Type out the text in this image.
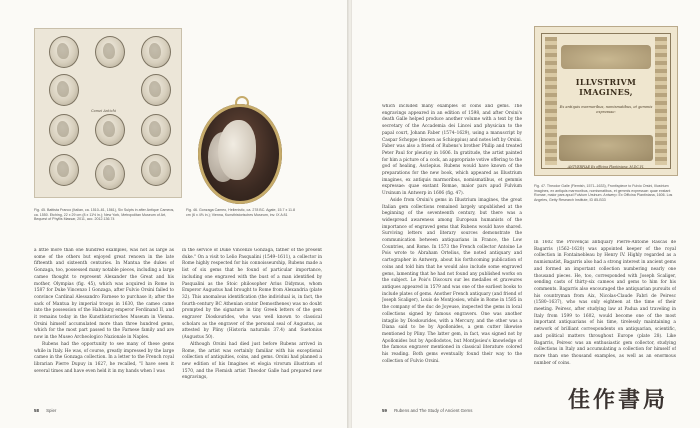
Camei Antichi
Fig. 45. Battista Franco (Italian, ca. 1510–61, 1561), Six Sulpts in after Antique Cameos, ca. 1550. Etching, 22 x 29 cm (8 x 11½ in.); New York, Metropolitan Museum of Art, Bequest of Phyllis Massar, 2011, acc. 2012.136.74
Fig. 46. Gonzaga Cameo, Hellenistic, ca. 278 BC. Agate, 15.7 x 11.8 cm (6 x 4⅝ in.); Vienna, Kunsthistorisches Museum, inv. IX A 81

a little more than one hundred examples, was not as large as some of the others but enjoyed great renown in the late fifteenth and sixteenth centuries. In Mantua the dukes of Gonzaga, too, possessed many notable pieces, including a large cameo thought to represent Alexander the Great and his mother, Olympias (fig. 45), which was acquired in Rome in 1587 for Duke Vincenzo I Gonzaga, after Fulvio Orsini failed to convince Cardinal Alessandro Farnese to purchase it; after the sack of Mantua by imperial troops in 1630, the cameo came into the possession of the Habsburg emperor Ferdinand II, and it remains today in the Kunsthistorisches Museum in Vienna. Orsini himself accumulated more than three hundred gems, which for the most part passed to the Farnese family and are now in the Museo Archeologico Nazionale in Naples.

Rubens had the opportunity to see many of these gems while in Italy. He was, of course, greatly impressed by the large cameo in the Gonzaga collection. In a letter to the French royal librarian Pierre Dupuy in 1627, he recalled, "I have seen it several times and have even held it in my hands when I was

in the service of Duke Vincenzo Gonzaga, father of the present duke." On a visit to Lelio Pasqualini (1549–1611), a collector in Rome highly respected for his connoisseurship, Rubens made a list of six gems that he found of particular importance, including one engraved with the bust of a man identified by Pasqualini as the Stoic philosopher Arius Didymus, whom Emperor Augustus had brought to Rome from Alexandria (plate 32). This anomalous identification (the individual is, in fact, the fourth-century BC Athenian orator Demosthenes) was no doubt prompted by the signature in tiny Greek letters of the gem engraver Dioskourides, who was well known to classical scholars as the engraver of the personal seal of Augustus, as attested by Pliny (Historia naturalis 37.4) and Suetonius (Augustus 50).

Although Orsini had died just before Rubens arrived in Rome, the artist was certainly familiar with his exceptional collection of antiquities, coins, and gems. Orsini had planned a new edition of his Imagines et elogia virorum illustrium of 1570, and the Flemish artist Theodor Galle had prepared new engravings,

58 Spier
ILLVSTRIVM IMAGINES,
Ex antiquis marmoribus, nomismatibus, et gemmis expressae:
ANTVERPIAE Ex officina Plantiniana. M.DC.VI.
Fig. 47. Theodor Galle (Flemish, 1571–1633), Frontispiece to Fulvio Orsini, Illustrium imagines, ex antiquis marmoribus, nomismatibus, et gemmis expressae: quae exstant Romae, maior pars apud Fulvium Ursinum. Antwerp: Ex Officina Plantiniana, 1606. Los Angeles, Getty Research Institute, ID 85-B33

which included many examples of coins and gems. The engravings appeared in an edition of 1598, and after Orsini's death Galle helped produce another volume with a text by the secretary of the Accademia dei Lincei and physician to the papal court, Johann Faber (1574–1629), using a manuscript by Caspar Schoppe (known as Schioppius) and notes left by Orsini. Faber was also a friend of Rubens's brother Philip and treated Peter Paul for pleurisy in 1606. In gratitude, the artist painted for him a picture of a cock, an appropriate votive offering to the god of healing, Asclepius. Rubens would have known of the preparations for the new book, which appeared as Illustrium imagines, ex antiquis marmoribus, nomismatibus, et gemmis expressae: quae exstant Romae, maior pars apud Fulvium Ursinum in Antwerp in 1606 (fig. 47).

Aside from Orsini's gems in Illustrium imagines, the great Italian gem collections remained largely unpublished at the beginning of the seventeenth century, but there was a widespread awareness among European humanists of the importance of engraved gems that Rubens would have shared. Surviving letters and literary sources demonstrate the communication between antiquarians in France, the Low Countries, and Rome. In 1573 the French collector Antoine Le Pois wrote to Abraham Ortelius, the noted antiquary and cartographer in Antwerp, about his forthcoming publication of coins and told him that he would also include some engraved gems, lamenting that he had not found any published works on the subject. Le Pois's Discours sur les medalles et graveures antiques appeared in 1579 and was one of the earliest books to include plates of gems. Another French antiquary (and friend of Joseph Scaliger), Louis de Montjosieu, while in Rome in 1585 in the company of the duc de Joyeuse, inspected the gems in local collections signed by famous engravers. One was another intaglio by Dioskourides, with a Mercury, and the other was a Diana said to be by Apollonides, a gem cutter likewise mentioned by Pliny. The latter gem, in fact, was signed not by Apollonides but by Apollodotos, but Montjosieu's knowledge of the famous engraver mentioned in classical literature colored his reading. Both gems eventually found their way to the collection of Fulvio Orsini.

In 1602 the Provençal antiquary Pierre-Antoine Rascas de Bagarris (1562–1620) was appointed keeper of the royal collection in Fontainebleau by Henry IV. Highly regarded as a numismatist, Bagarris also had a strong interest in ancient gems and formed an important collection numbering nearly one thousand pieces. He, too, corresponded with Joseph Scaliger, sending casts of thirty-six cameos and gems to him for his comments. Bagarris also encouraged the antiquarian pursuits of his countryman from Aix, Nicolas-Claude Fabri de Peiresc (1580–1637), who was only eighteen at the time of their meeting. Peiresc, after studying law at Padua and traveling in Italy from 1599 to 1602, would become one of the most important antiquarians of his time, tirelessly maintaining a network of brilliant correspondents on antiquarian, scientific, and political matters throughout Europe (plate 28). Like Bagarris, Peiresc was an enthusiastic gem collector, studying collections in Italy and accumulating a collection for himself of more than one thousand examples, as well as an enormous number of coins.

59 Rubens and The Study of Ancient Gems	佳作書局
